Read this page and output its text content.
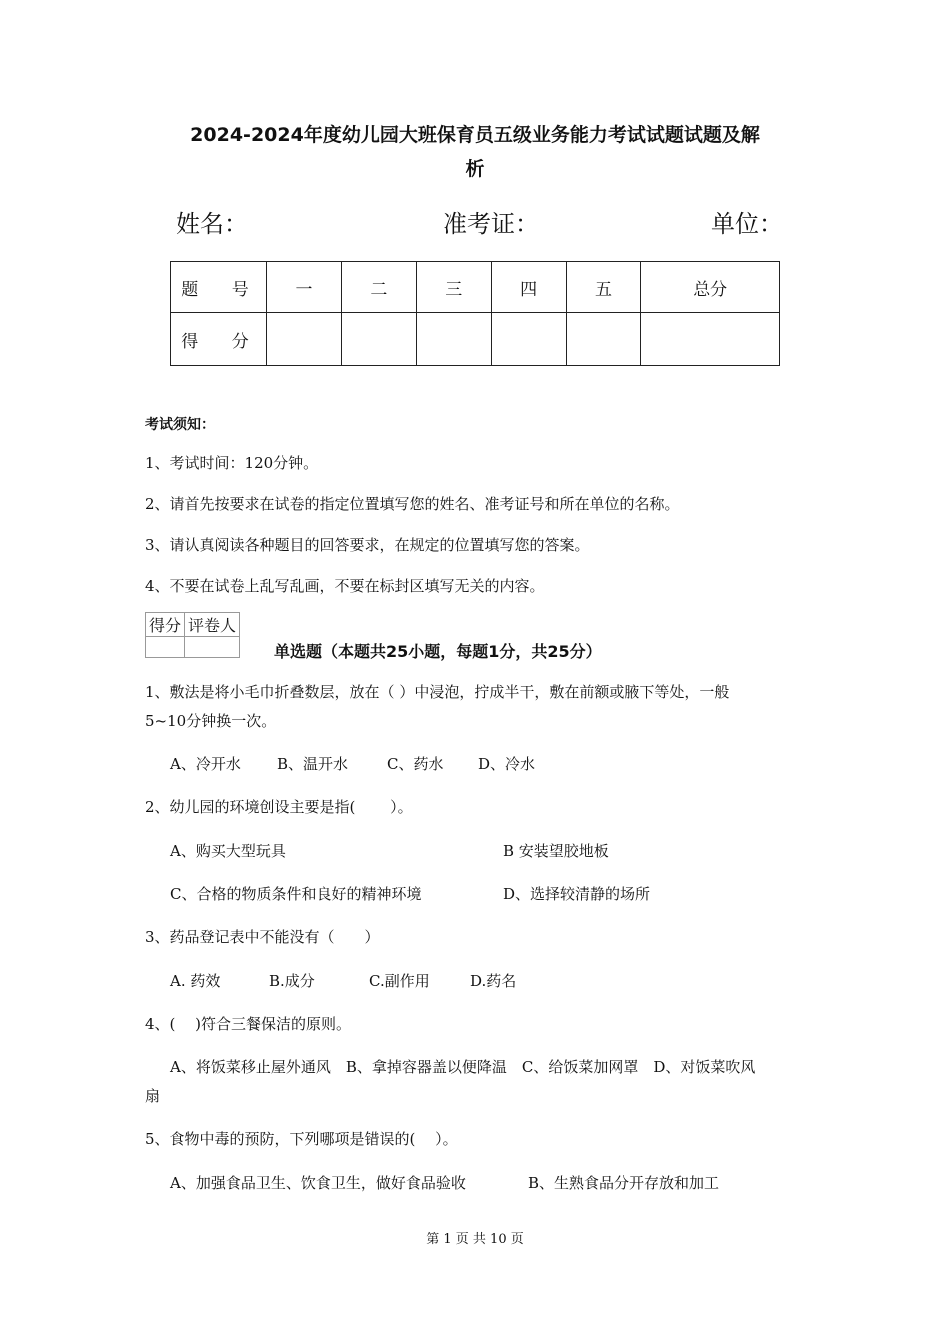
2024-2024年度幼儿园大班保育员五级业务能力考试试题试题及解
析
姓名：	准考证：	单位：
题 号	一	二	三	四	五	总分
得 分						
考试须知：
1、考试时间：120分钟。
2、请首先按要求在试卷的指定位置填写您的姓名、准考证号和所在单位的名称。
3、请认真阅读各种题目的回答要求，在规定的位置填写您的答案。
4、不要在试卷上乱写乱画，不要在标封区填写无关的内容。
得分	评卷人

单选题（本题共25小题，每题1分，共25分）
1、敷法是将小毛巾折叠数层，放在（ ）中浸泡，拧成半干，敷在前额或腋下等处，一般
5~10分钟换一次。
A、冷开水 B、温开水	C、药水 D、冷水
2、幼儿园的环境创设主要是指(　　 ）。
A、购买大型玩具	B 安装望胶地板
C、合格的物质条件和良好的精神环境	D、选择较清静的场所
3、药品登记表中不能没有（　　）
A. 药效	B.成分	C.副作用	D.药名
4、(　 )符合三餐保洁的原则。
A、将饭菜移止屋外通风　B、拿掉容器盖以便降温　C、给饭菜加网罩　D、对饭菜吹风
扇
5、食物中毒的预防，下列哪项是错误的(　 ）。
A、加强食品卫生、饮食卫生，做好食品验收	B、生熟食品分开存放和加工
第 1 页 共 10 页
